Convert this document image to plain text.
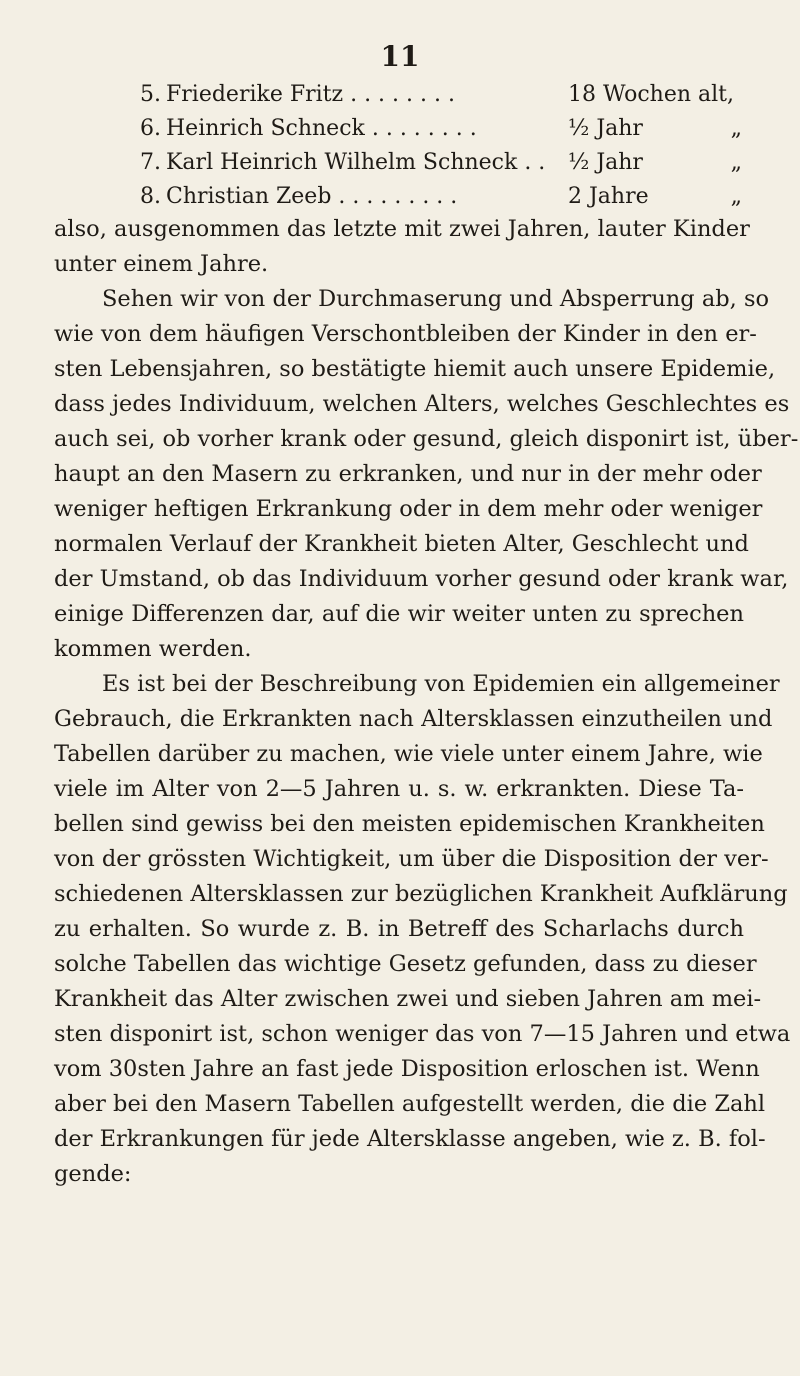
11
5. Friederike Fritz . . . . . . . .	18 Wochen alt,
6. Heinrich Schneck . . . . . . . .	½ Jahr	„
7. Karl Heinrich Wilhelm Schneck . .	½ Jahr	„
8. Christian Zeeb . . . . . . . . .	2 Jahre	„
also, ausgenommen das letzte mit zwei Jahren, lauter Kinder
unter einem Jahre.
Sehen wir von der Durchmaserung und Absperrung ab, so
wie von dem häufigen Verschontbleiben der Kinder in den er-
sten Lebensjahren, so bestätigte hiemit auch unsere Epidemie,
dass jedes Individuum, welchen Alters, welches Geschlechtes es
auch sei, ob vorher krank oder gesund, gleich disponirt ist, über-
haupt an den Masern zu erkranken, und nur in der mehr oder
weniger heftigen Erkrankung oder in dem mehr oder weniger
normalen Verlauf der Krankheit bieten Alter, Geschlecht und
der Umstand, ob das Individuum vorher gesund oder krank war,
einige Differenzen dar, auf die wir weiter unten zu sprechen
kommen werden.
Es ist bei der Beschreibung von Epidemien ein allgemeiner
Gebrauch, die Erkrankten nach Altersklassen einzutheilen und
Tabellen darüber zu machen, wie viele unter einem Jahre, wie
viele im Alter von 2—5 Jahren u. s. w. erkrankten. Diese Ta-
bellen sind gewiss bei den meisten epidemischen Krankheiten
von der grössten Wichtigkeit, um über die Disposition der ver-
schiedenen Altersklassen zur bezüglichen Krankheit Aufklärung
zu erhalten. So wurde z. B. in Betreff des Scharlachs durch
solche Tabellen das wichtige Gesetz gefunden, dass zu dieser
Krankheit das Alter zwischen zwei und sieben Jahren am mei-
sten disponirt ist, schon weniger das von 7—15 Jahren und etwa
vom 30sten Jahre an fast jede Disposition erloschen ist. Wenn
aber bei den Masern Tabellen aufgestellt werden, die die Zahl
der Erkrankungen für jede Altersklasse angeben, wie z. B. fol-
gende:
